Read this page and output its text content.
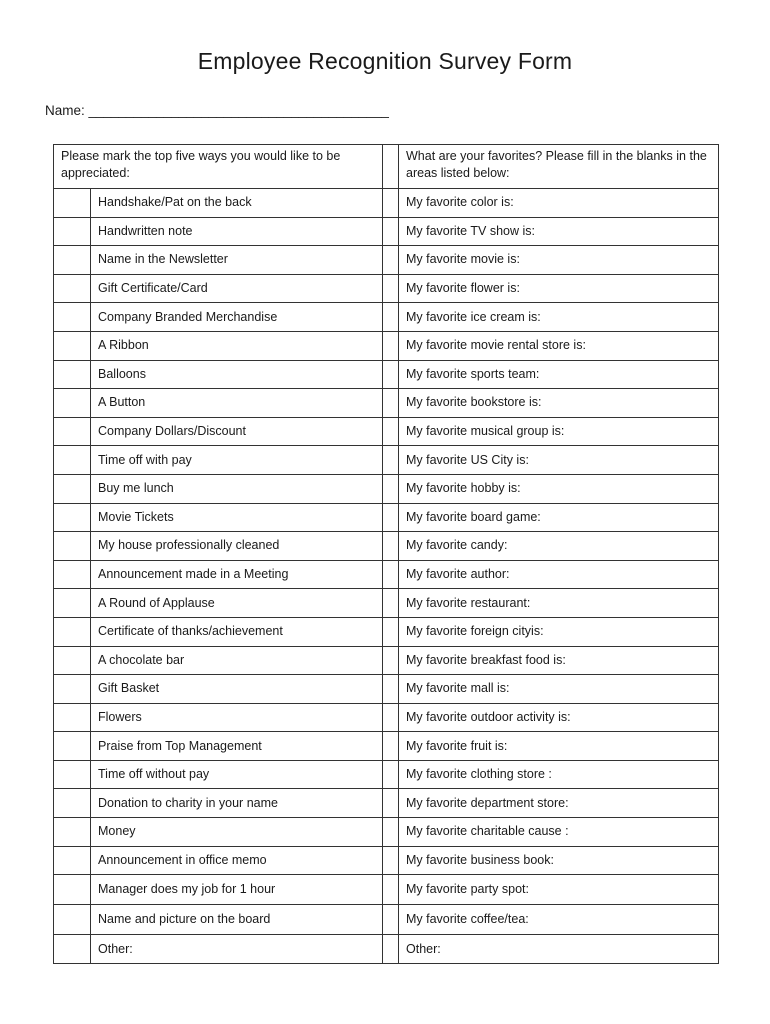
Employee Recognition Survey Form
Name: ________________________________________
Please mark the top five ways you would like to be appreciated:			What are your favorites? Please fill in the blanks in the areas listed below:
	Handshake/Pat on the back		My favorite color is:
	Handwritten note		My favorite TV show is:
	Name in the Newsletter		My favorite movie is:
	Gift Certificate/Card		My favorite flower is:
	Company Branded Merchandise		My favorite ice cream is:
	A Ribbon		My favorite movie rental store is:
	Balloons		My favorite sports team:
	A Button		My favorite bookstore is:
	Company Dollars/Discount		My favorite musical group is:
	Time off with pay		My favorite US City is:
	Buy me lunch		My favorite hobby is:
	Movie Tickets		My favorite board game:
	My house professionally cleaned		My favorite candy:
	Announcement made in a Meeting		My favorite author:
	A Round of Applause		My favorite restaurant:
	Certificate of thanks/achievement		My favorite foreign cityis:
	A chocolate bar		My favorite breakfast food is:
	Gift Basket		My favorite mall is:
	Flowers		My favorite outdoor activity is:
	Praise from Top Management		My favorite fruit is:
	Time off without pay		My favorite clothing store :
	Donation to charity in your name		My favorite department store:
	Money		My favorite charitable cause :
	Announcement in office memo		My favorite business book:
	Manager does my job for 1 hour		My favorite party spot:
	Name and picture on the board		My favorite coffee/tea:
	Other:		Other:
